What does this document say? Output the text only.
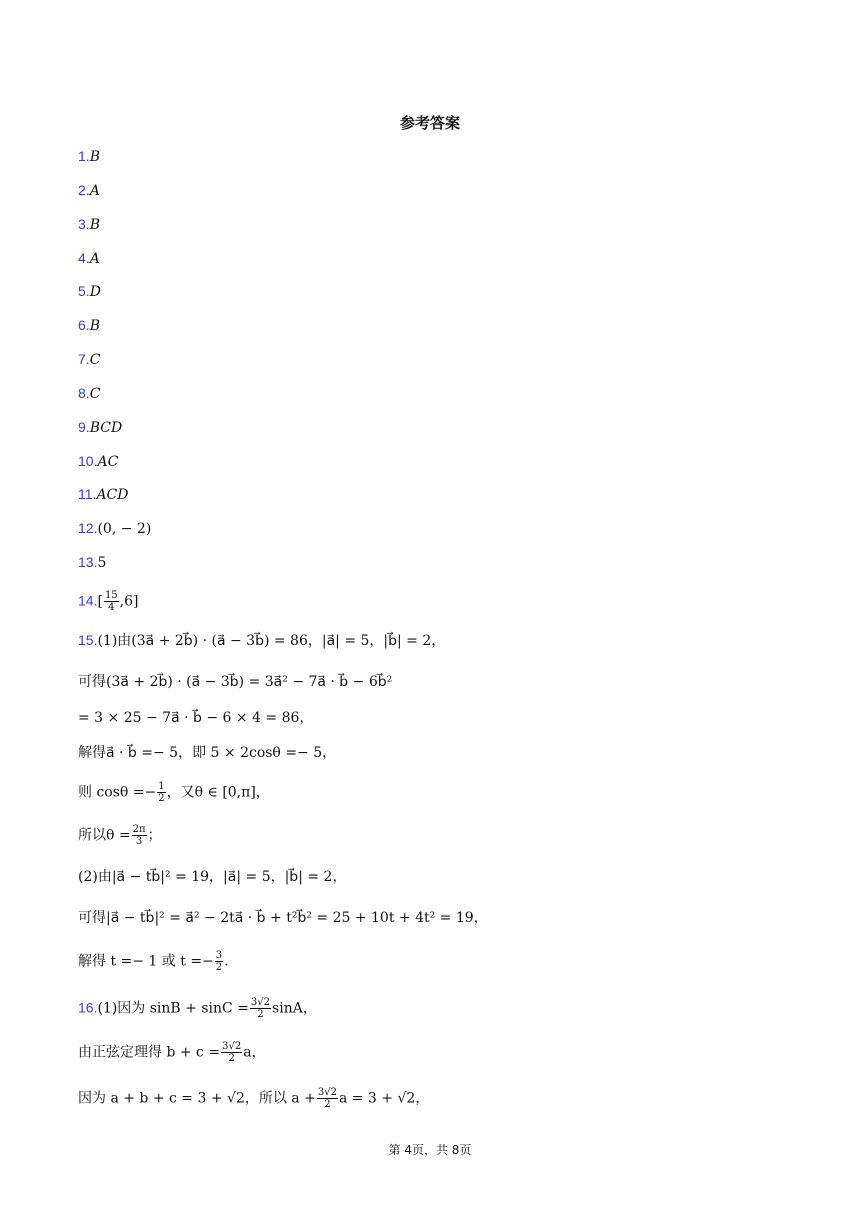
参考答案
1.B
2.A
3.B
4.A
5.D
6.B
7.C
8.C
9.BCD
10.AC
11.ACD
12.(0, − 2)
13.5
$14.[ \frac{15}{4} ,6]$
15.(1)由(3a⃗ + 2b⃗) · (a⃗ − 3b⃗) = 86，|a⃗| = 5，|b⃗| = 2，
可得(3a⃗ + 2b⃗) · (a⃗ − 3b⃗) = 3a⃗² − 7a⃗ · b⃗ − 6b⃗²
= 3 × 25 − 7a⃗ · b⃗ − 6 × 4 = 86，
解得a⃗ · b⃗ =− 5，即 5 × 2cosθ =− 5，
则 $\cos\theta =- \frac{1}{2}$ ，又θ ∈ [0,π]，
所以$\theta = \frac{2\pi}{3}$ ；
(2)由|a⃗ − tb⃗|² = 19，|a⃗| = 5，|b⃗| = 2，
可得|a⃗ − tb⃗|² = a⃗² − 2ta⃗ · b⃗ + t²b⃗² = 25 + 10t + 4t² = 19，
解得 t =− 1 或 $t =- \frac{3}{2}$ .
16.(1)因为 $\sin B + \sin C = \frac{3√2}{2}$ sinA，
由正弦定理得 $b + c = \frac{3√2}{2}$ a，
因为 a + b + c = 3 + √2，所以 $a + \frac{3√2}{2}$ a = 3 + √2，
第 4页，共 8页
